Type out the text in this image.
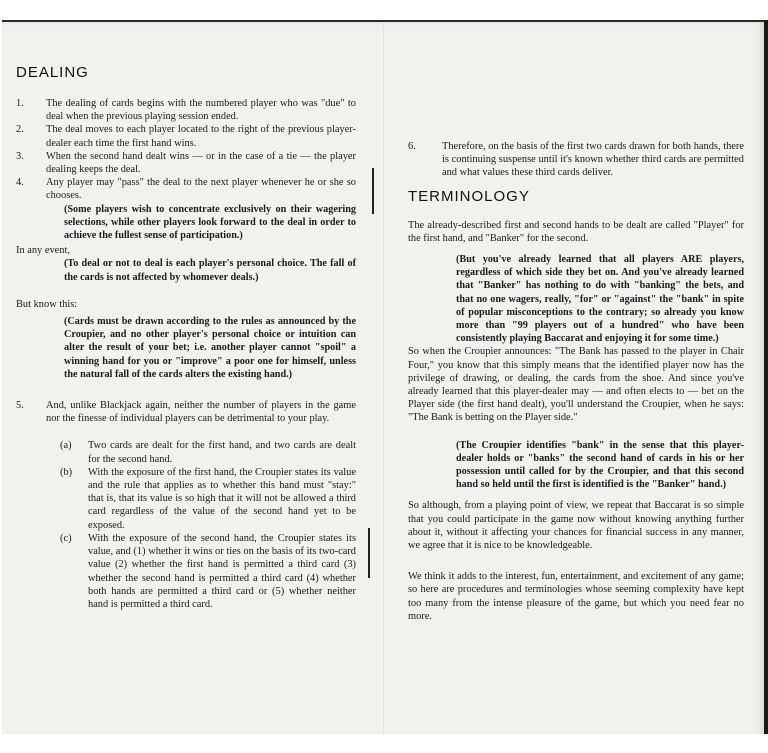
DEALING

1. The dealing of cards begins with the numbered player who was "due" to deal when the previous playing session ended.

2. The deal moves to each player located to the right of the previous player-dealer each time the first hand wins.

3. When the second hand dealt wins — or in the case of a tie — the player dealing keeps the deal.

4. Any player may "pass" the deal to the next player whenever he or she so chooses.

(Some players wish to concentrate exclusively on their wagering selections, while other players look forward to the deal in order to achieve the fullest sense of participation.)

In any event,

(To deal or not to deal is each player's personal choice. The fall of the cards is not affected by whomever deals.)

But know this:

(Cards must be drawn according to the rules as announced by the Croupier, and no other player's personal choice or intuition can alter the result of your bet; i.e. another player cannot "spoil" a winning hand for you or "improve" a poor one for himself, unless the natural fall of the cards alters the existing hand.)

5. And, unlike Blackjack again, neither the number of players in the game nor the finesse of individual players can be detrimental to your play.

(a) Two cards are dealt for the first hand, and two cards are dealt for the second hand.

(b) With the exposure of the first hand, the Croupier states its value and the rule that applies as to whether this hand must "stay:" that is, that its value is so high that it will not be allowed a third card regardless of the value of the second hand yet to be exposed.

(c) With the exposure of the second hand, the Croupier states its value, and (1) whether it wins or ties on the basis of its two-card value (2) whether the first hand is permitted a third card (3) whether the second hand is permitted a third card (4) whether both hands are permitted a third card or (5) whether neither hand is permitted a third card.

6.	Therefore, on the basis of the first two cards drawn for both hands, there is continuing suspense until it's known whether third cards are permitted and what values these third cards deliver.

TERMINOLOGY

The already-described first and second hands to be dealt are called "Player" for the first hand, and "Banker" for the second.

(But you've already learned that all players ARE players, regardless of which side they bet on. And you've already learned that "Banker" has nothing to do with "banking" the bets, and that no one wagers, really, "for" or "against" the "bank" in spite of popular misconceptions to the contrary; so already you know more than "99 players out of a hundred" who have been consistently playing Baccarat and enjoying it for some time.)

So when the Croupier announces: "The Bank has passed to the player in Chair Four," you know that this simply means that the identified player now has the privilege of drawing, or dealing, the cards from the shoe. And since you've already learned that this player-dealer may — and often elects to — bet on the Player side (the first hand dealt), you'll understand the Croupier, when he says: "The Bank is betting on the Player side."

(The Croupier identifies "bank" in the sense that this player-dealer holds or "banks" the second hand of cards in his or her possession until called for by the Croupier, and that this second hand so held until the first is identified is the "Banker" hand.)

So although, from a playing point of view, we repeat that Baccarat is so simple that you could participate in the game now without knowing anything further about it, without it affecting your chances for financial success in any manner, we agree that it is nice to be knowledgeable.

We think it adds to the interest, fun, entertainment, and excitement of any game; so here are procedures and terminologies whose seeming complexity have kept too many from the intense pleasure of the game, but which you need fear no more.
